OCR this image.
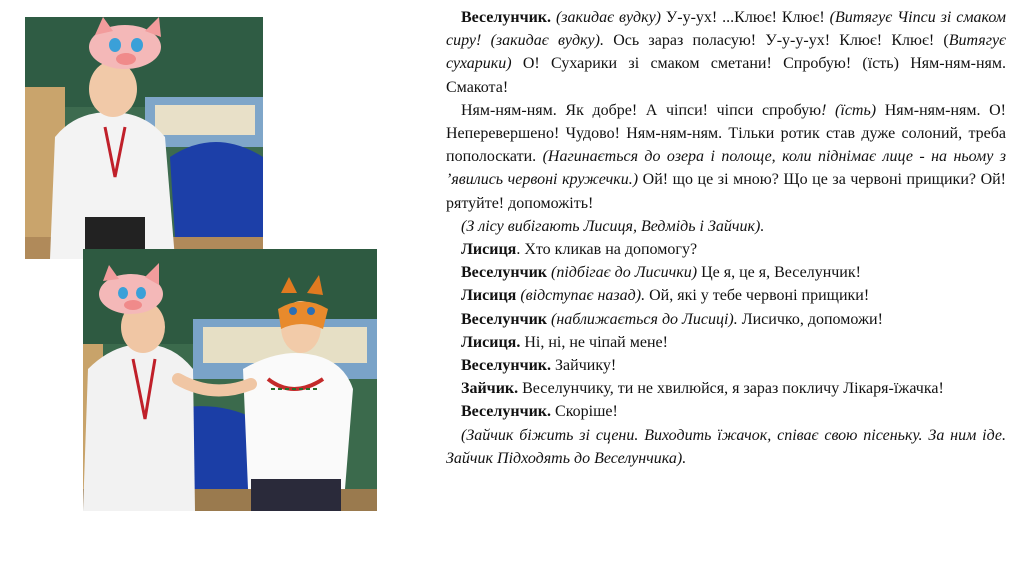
Веселунчик. (закидає вудку) У-у-ух! ...Клює! Клює! (Витягує Чіпси зі смаком сиру! (закидає вудку). Ось зараз поласую! У-у-у-ух! Клює! Клює! (Витягує сухарики) О! Сухарики зі смаком сметани! Спробую! (їсть) Ням-ням-ням. Смакота!

Ням-ням-ням. Як добре! А чіпси! чіпси спробую! (їсть) Ням-ням-ням. О! Неперевершено! Чудово! Ням-ням-ням. Тільки ротик став дуже солоний, треба пополоскати. (Нагинається до озера і полоще, коли піднімає лице - на ньому з ’явились червоні кружечки.) Ой! що це зі мною? Що це за червоні прищики? Ой! рятуйте! допоможіть!

(З лісу вибігають Лисиця, Ведмідь і Зайчик).

Лисиця. Хто кликав на допомогу?

Веселунчик (підбігає до Лисички) Це я, це я, Веселунчик!

Лисиця (відступає назад). Ой, які у тебе червоні прищики!

Веселунчик (наближається до Лисиці). Лисичко, допоможи!

Лисиця. Ні, ні, не чіпай мене!

Веселунчик. Зайчику!

Зайчик. Веселунчику, ти не хвилюйся, я зараз покличу Лікаря-їжачка!

Веселунчик. Скоріше!

(Зайчик біжить зі сцени. Виходить їжачок, співає свою пісеньку. За ним іде. Зайчик Підходять до Веселунчика).
